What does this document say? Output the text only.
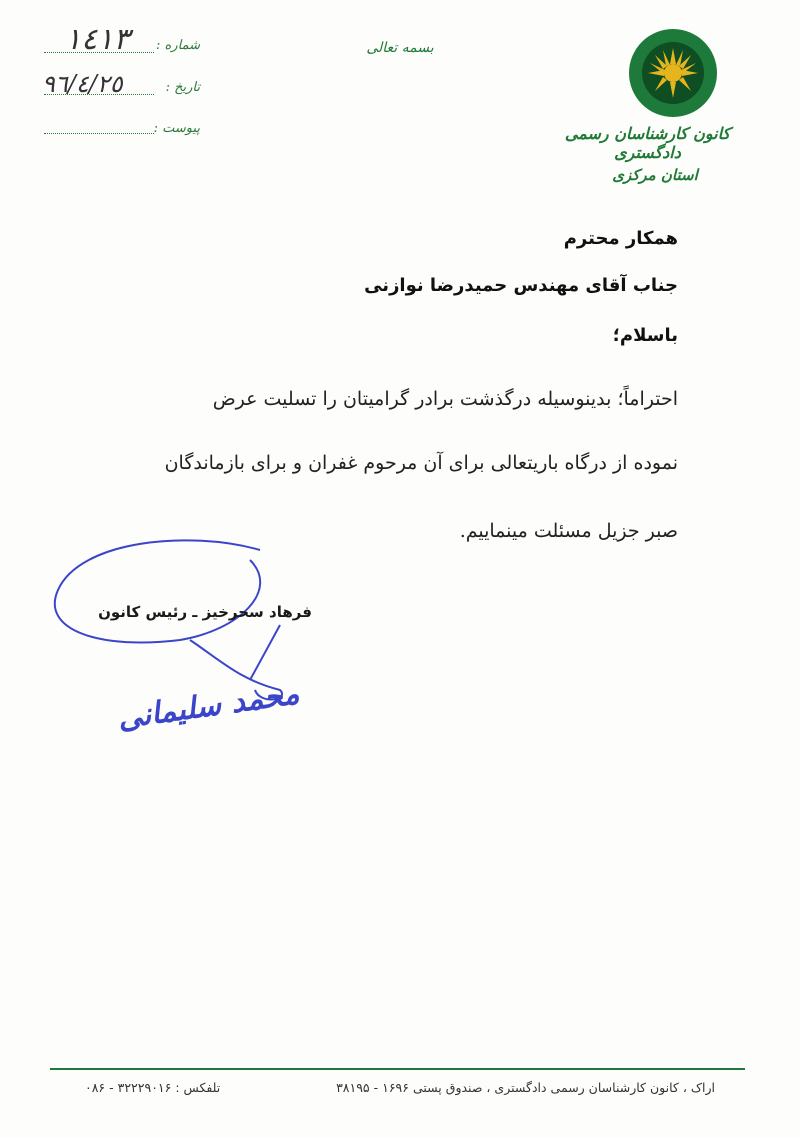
شماره :
١٤١٣
تاریخ :
٩٦/٤/٢٥
پیوست :
بسمه تعالی
کانون کارشناسان رسمی دادگستری
استان مرکزی
همکار محترم
جناب آقای مهندس حمیدرضا نوازنی
باسلام؛
احتراماً؛ بدینوسیله درگذشت برادر گرامیتان را تسلیت عرض
نموده از درگاه باریتعالی برای آن مرحوم غفران و برای بازماندگان
صبر جزیل مسئلت مینماییم.
فرهاد سحرخیز ـ رئیس کانون
محمد سلیمانی
اراک ، کانون کارشناسان رسمی دادگستری ، صندوق پستی ۱۶۹۶ - ۳۸۱۹۵
تلفکس : ۳۲۲۲۹۰۱۶ - ۰۸۶
